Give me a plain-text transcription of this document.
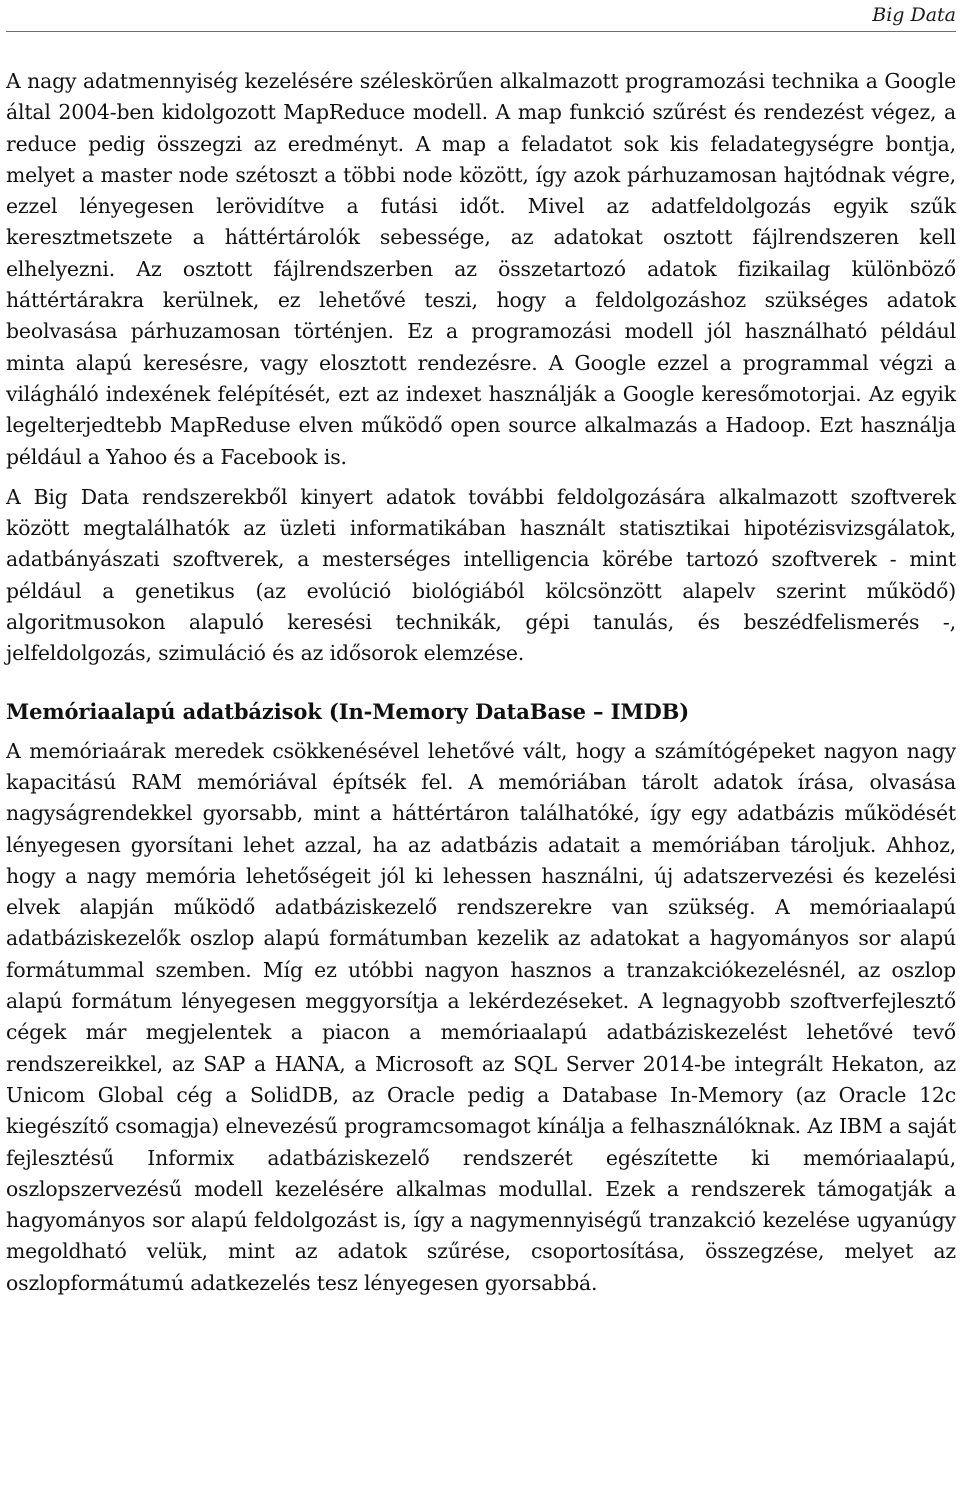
Big Data

A nagy adatmennyiség kezelésére széleskörűen alkalmazott programozási technika a Google által 2004-ben kidolgozott MapReduce modell. A map funkció szűrést és rendezést végez, a reduce pedig összegzi az eredményt. A map a feladatot sok kis feladategységre bontja, melyet a master node szétoszt a többi node között, így azok párhuzamosan hajtódnak végre, ezzel lényegesen lerövidítve a futási időt. Mivel az adatfeldolgozás egyik szűk keresztmetszete a háttértárolók sebessége, az adatokat osztott fájlrendszeren kell elhelyezni. Az osztott fájlrendszerben az összetartozó adatok fizikailag különböző háttértárakra kerülnek, ez lehetővé teszi, hogy a feldolgozáshoz szükséges adatok beolvasása párhuzamosan történjen. Ez a programozási modell jól használható például minta alapú keresésre, vagy elosztott rendezésre. A Google ezzel a programmal végzi a világháló indexének felépítését, ezt az indexet használják a Google keresőmotorjai. Az egyik legelterjedtebb MapReduse elven működő open source alkalmazás a Hadoop. Ezt használja például a Yahoo és a Facebook is.

A Big Data rendszerekből kinyert adatok további feldolgozására alkalmazott szoftverek között megtalálhatók az üzleti informatikában használt statisztikai hipotézisvizsgálatok, adatbányászati szoftverek, a mesterséges intelligencia körébe tartozó szoftverek - mint például a genetikus (az evolúció biológiából kölcsönzött alapelv szerint működő) algoritmusokon alapuló keresési technikák, gépi tanulás, és beszédfelismerés -, jelfeldolgozás, szimuláció és az idősorok elemzése.

Memóriaalapú adatbázisok (In-Memory DataBase – IMDB)

A memóriaárak meredek csökkenésével lehetővé vált, hogy a számítógépeket nagyon nagy kapacitású RAM memóriával építsék fel. A memóriában tárolt adatok írása, olvasása nagyságrendekkel gyorsabb, mint a háttértáron találhatóké, így egy adatbázis működését lényegesen gyorsítani lehet azzal, ha az adatbázis adatait a memóriában tároljuk. Ahhoz, hogy a nagy memória lehetőségeit jól ki lehessen használni, új adatszervezési és kezelési elvek alapján működő adatbáziskezelő rendszerekre van szükség. A memóriaalapú adatbáziskezelők oszlop alapú formátumban kezelik az adatokat a hagyományos sor alapú formátummal szemben. Míg ez utóbbi nagyon hasznos a tranzakciókezelésnél, az oszlop alapú formátum lényegesen meggyorsítja a lekérdezéseket. A legnagyobb szoftverfejlesztő cégek már megjelentek a piacon a memóriaalapú adatbáziskezelést lehetővé tevő rendszereikkel, az SAP a HANA, a Microsoft az SQL Server 2014-be integrált Hekaton, az Unicom Global cég a SolidDB, az Oracle pedig a Database In-Memory (az Oracle 12c kiegészítő csomagja) elnevezésű programcsomagot kínálja a felhasználóknak. Az IBM a saját fejlesztésű Informix adatbáziskezelő rendszerét egészítette ki memóriaalapú, oszlopszervezésű modell kezelésére alkalmas modullal. Ezek a rendszerek támogatják a hagyományos sor alapú feldolgozást is, így a nagymennyiségű tranzakció kezelése ugyanúgy megoldható velük, mint az adatok szűrése, csoportosítása, összegzése, melyet az oszlopformátumú adatkezelés tesz lényegesen gyorsabbá.
